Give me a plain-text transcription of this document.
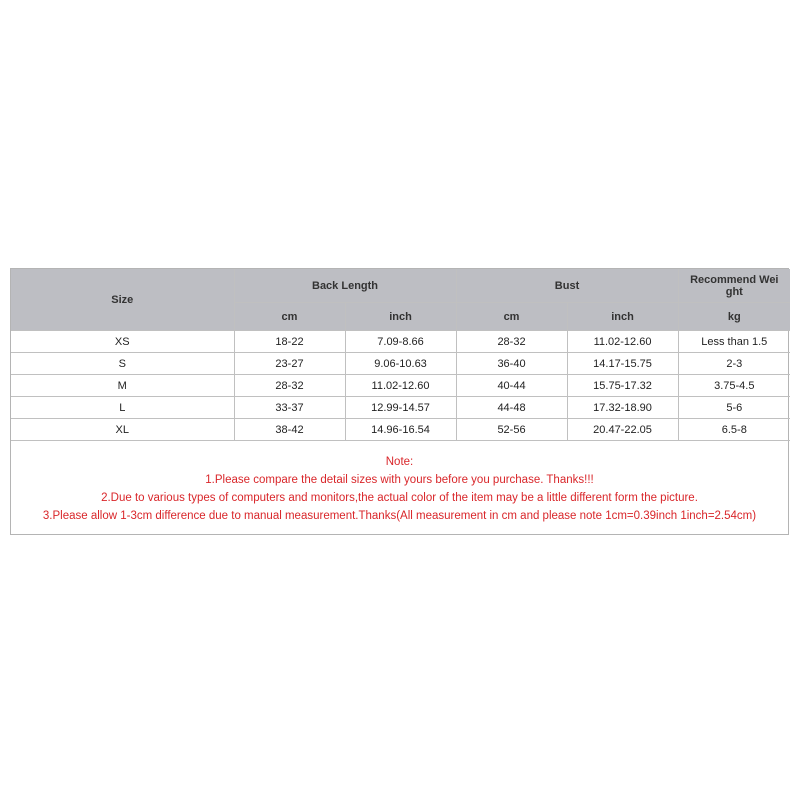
Size	Back Length		Bust		Recommend Wei ght
	cm	inch	cm	inch	kg
XS	18-22	7.09-8.66	28-32	11.02-12.60	Less than 1.5
S	23-27	9.06-10.63	36-40	14.17-15.75	2-3
M	28-32	11.02-12.60	40-44	15.75-17.32	3.75-4.5
L	33-37	12.99-14.57	44-48	17.32-18.90	5-6
XL	38-42	14.96-16.54	52-56	20.47-22.05	6.5-8
Note:
1.Please compare the detail sizes with yours before you purchase. Thanks!!!
2.Due to various types of computers and monitors,the actual color of the item may be a little different form the picture.
3.Please allow 1-3cm difference due to manual measurement.Thanks(All measurement in cm and please note 1cm=0.39inch 1inch=2.54cm)
